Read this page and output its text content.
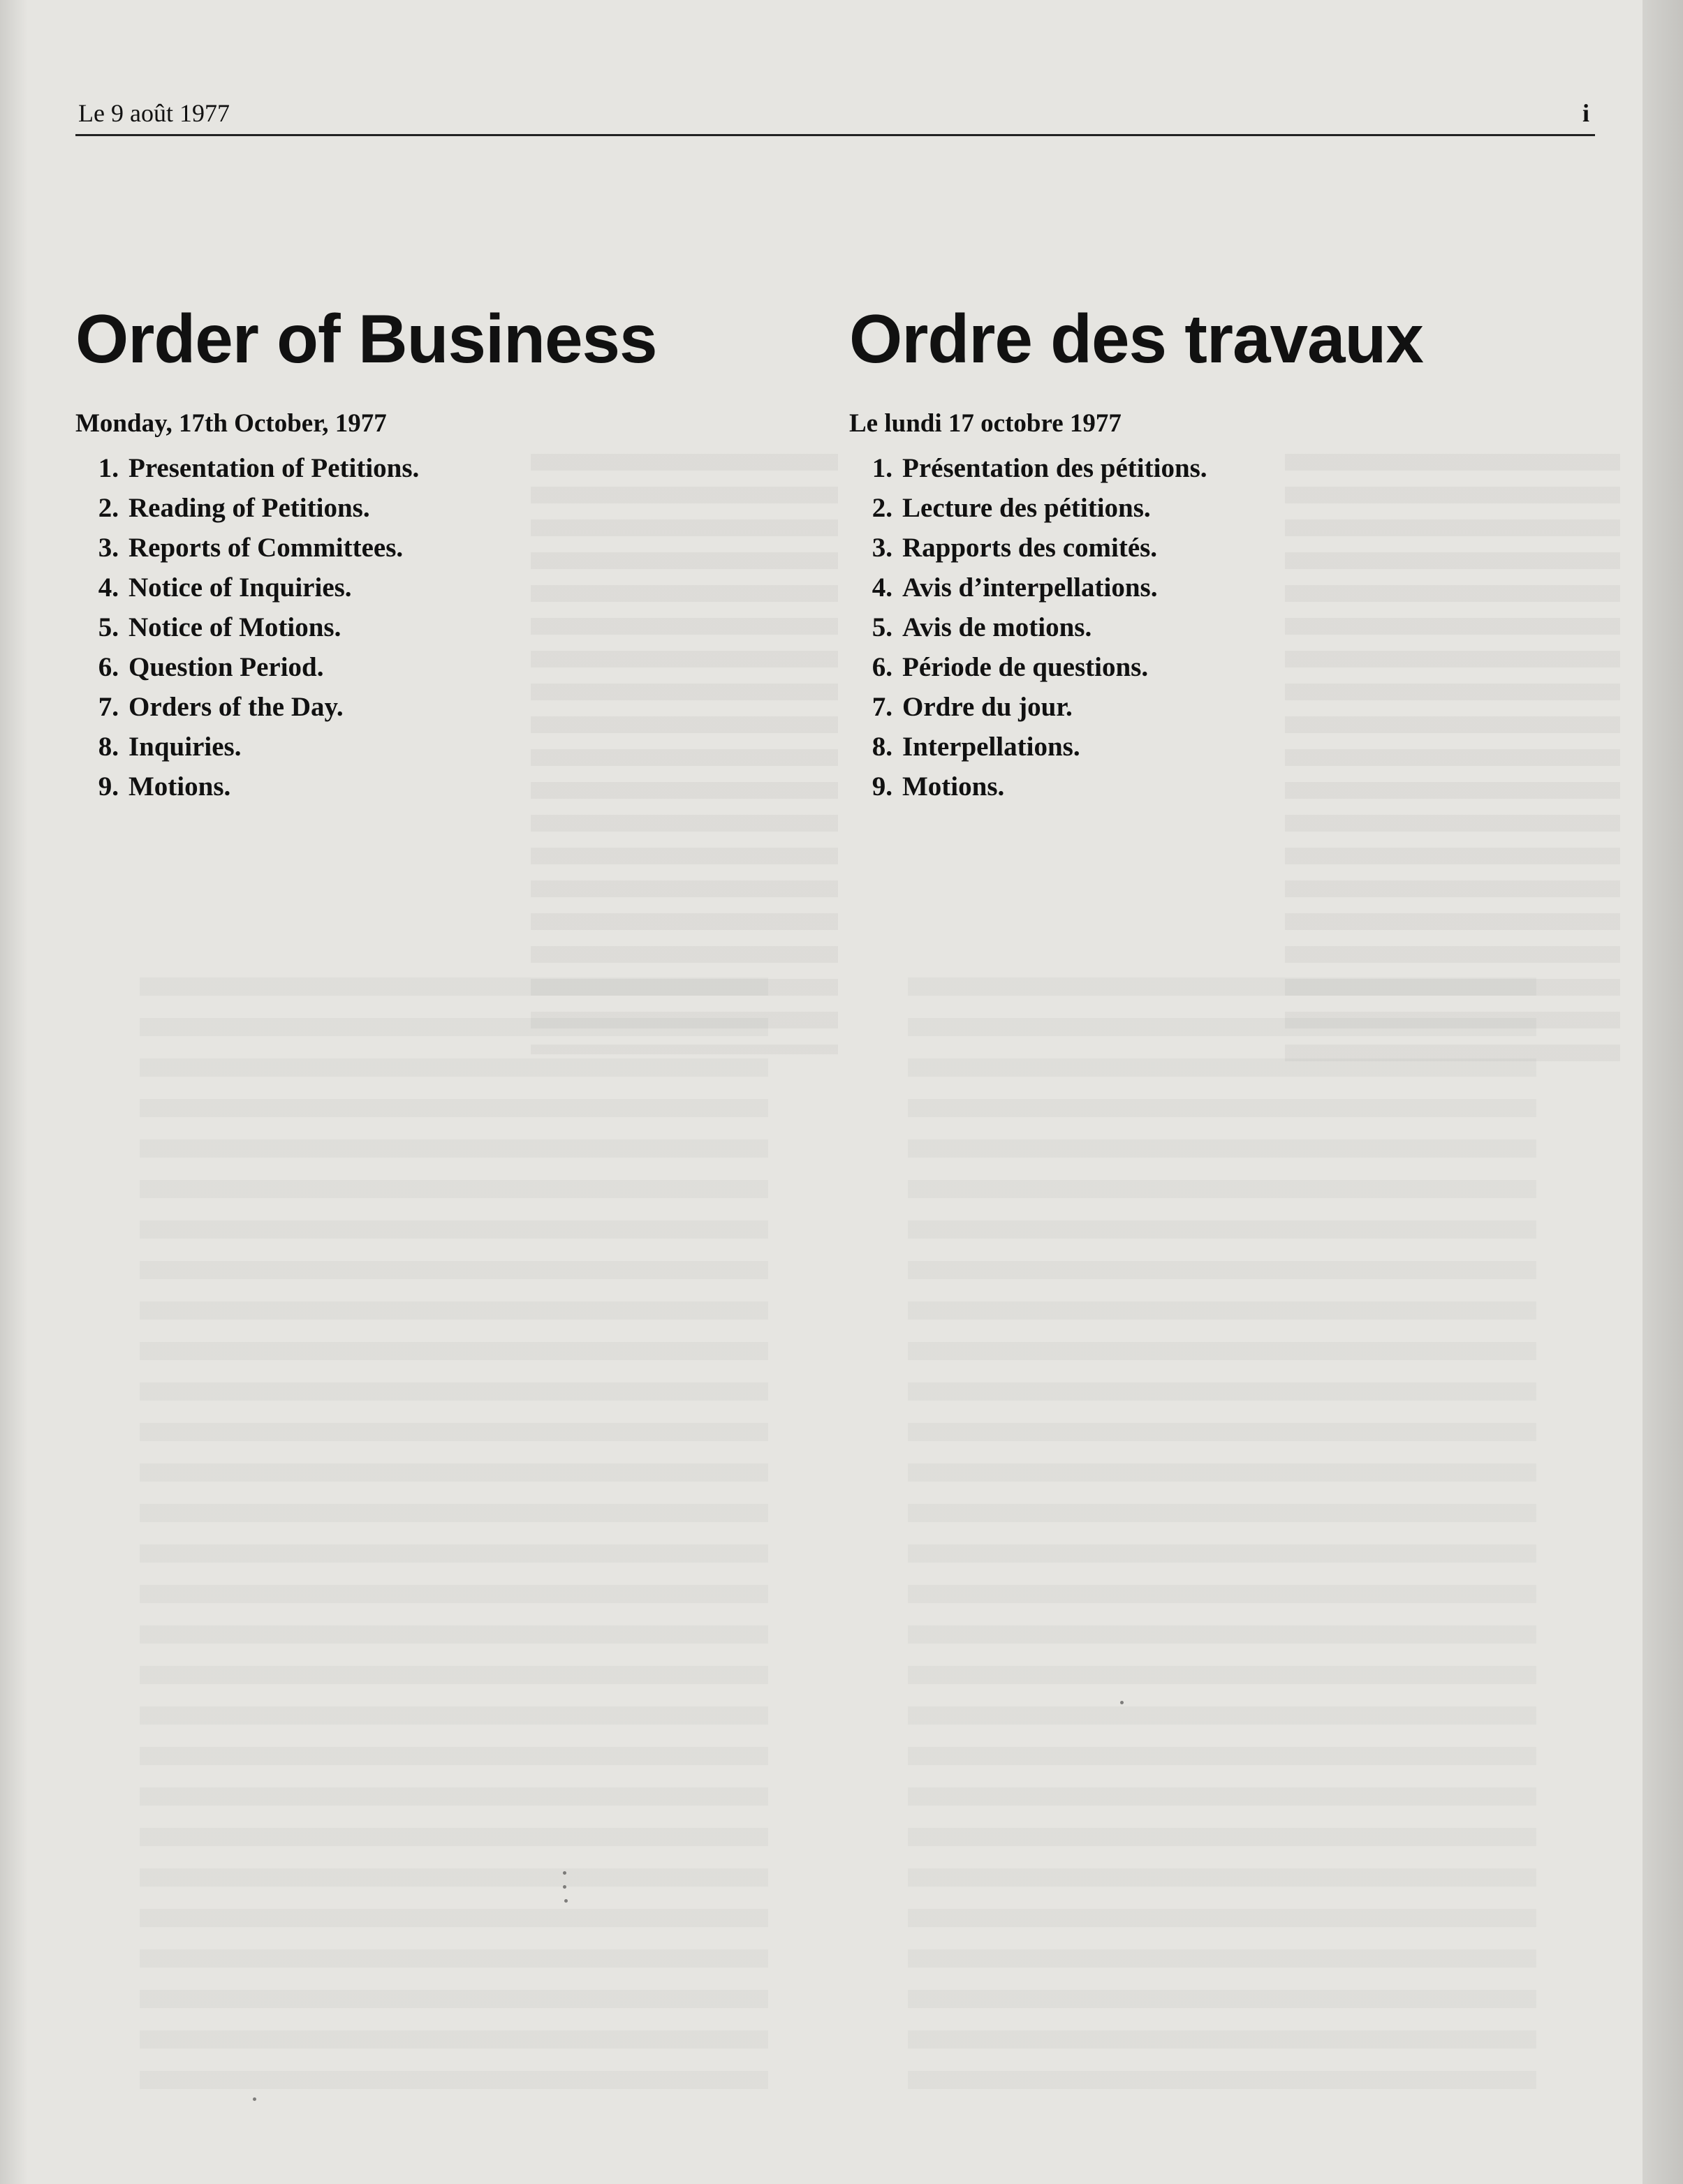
Le 9 août 1977	i
Order of Business
Monday, 17th October, 1977
1. Presentation of Petitions.
2. Reading of Petitions.
3. Reports of Committees.
4. Notice of Inquiries.
5. Notice of Motions.
6. Question Period.
7. Orders of the Day.
8. Inquiries.
9. Motions.
Ordre des travaux
Le lundi 17 octobre 1977
1. Présentation des pétitions.
2. Lecture des pétitions.
3. Rapports des comités.
4. Avis d’interpellations.
5. Avis de motions.
6. Période de questions.
7. Ordre du jour.
8. Interpellations.
9. Motions.
